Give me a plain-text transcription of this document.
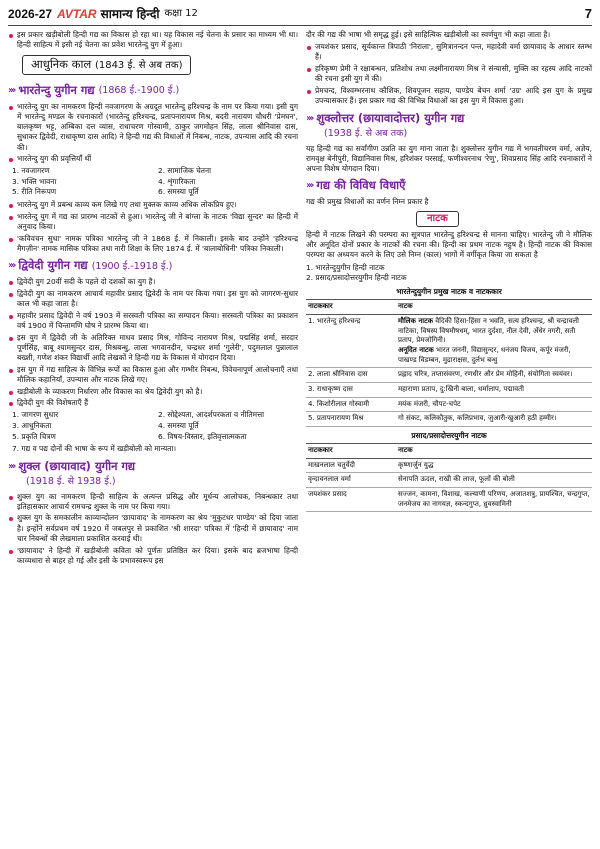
2026-27 AVTAR सामान्य हिन्दी कक्षा 12	7
इस प्रकार खड़ीबोली हिन्दी गद्य का विकास हो रहा था। यह विकास नई चेतना के प्रसार का माध्यम भी था। हिन्दी साहित्य में इसी नई चेतना का प्रवेश भारतेन्दु युग में हुआ।
आधुनिक काल (1843 ई. से अब तक)
››› भारतेन्दु युगीन गद्य (1868 ई.-1900 ई.)
भारतेन्दु युग का नामकरण हिन्दी नवजागरण के अग्रदूत भारतेन्दु हरिश्चन्द्र के नाम पर किया गया। इसी युग में भारतेन्दु मण्डल के रचनाकारों (भारतेन्दु हरिश्चन्द्र, प्रतापनारायण मिश्र, बदरी नारायण चौधरी 'प्रेमघन', बालकृष्ण भट्ट, अम्बिका दत्त व्यास, राधाचरण गोस्वामी, ठाकुर जगमोहन सिंह, लाला श्रीनिवास दास, सुधाकर द्विवेदी, राधाकृष्ण दास आदि) ने हिन्दी गद्य की विधाओं में निबन्ध, नाटक, उपन्यास आदि की रचना की।
भारतेन्दु युग की प्रवृत्तियाँ थीं
1. नवजागरण	2. सामाजिक चेतना
3. भक्ति भावना	4. शृंगारिकता
5. रीति निरूपण	6. समस्या पूर्ति
भारतेन्दु युग में प्रबन्ध काव्य कम लिखे गए तथा मुक्तक काव्य अधिक लोकप्रिय हुए।
भारतेन्दु युग में गद्य का प्रारम्भ नाटकों से हुआ। भारतेन्दु जी ने बांग्ला के नाटक 'विद्या सुन्दर' का हिन्दी में अनुवाद किया।
'कविवचन सुधा' नामक पत्रिका भारतेन्दु जी ने 1868 ई. में निकाली। इसके बाद उन्होंने 'हरिश्चन्द्र मैगज़ीन' नामक मासिक पत्रिका तथा नारी शिक्षा के लिए 1874 ई. में 'बालाबोधिनी' पत्रिका निकाली।
››› द्विवेदी युगीन गद्य (1900 ई.-1918 ई.)
द्विवेदी युग 20वीं सदी के पहले दो दशकों का युग है।
द्विवेदी युग का नामकरण आचार्य महावीर प्रसाद द्विवेदी के नाम पर किया गया। इस युग को जागरण-सुधार काल भी कहा जाता है।
महावीर प्रसाद द्विवेदी ने वर्ष 1903 में सरस्वती पत्रिका का सम्पादन किया। सरस्वती पत्रिका का प्रकाशन वर्ष 1900 में चिन्तामणि घोष ने प्रारम्भ किया था।
इस युग में द्विवेदी जी के अतिरिक्त माधव प्रसाद मिश्र, गोविन्द नारायण मिश्र, पद्मसिंह शर्मा, सरदार पूर्णसिंह, बाबू श्यामसुन्दर दास, मिश्रबन्धु, लाला भगवानदीन, चन्द्रधर शर्मा 'गुलेरी', पदुमलाल पुन्नालाल बख्शी, गणेश शंकर विद्यार्थी आदि लेखकों ने हिन्दी गद्य के विकास में योगदान दिया।
इस युग में गद्य साहित्य के विभिन्न रूपों का विकास हुआ और गम्भीर निबन्ध, विवेचनापूर्ण आलोचनाएँ तथा मौलिक कहानियाँ, उपन्यास और नाटक लिखे गए।
खड़ीबोली के व्याकरण निर्धारण और विकास का श्रेय द्विवेदी युग को है।
द्विवेदी युग की विशेषताएँ हैं
1. जागरण सुधार	2. सोद्देश्यता, आदर्शपरकता व नीतिमत्ता
3. आधुनिकता	4. समस्या पूर्ति
5. प्रकृति चित्रण	6. विषय-विस्तार, इतिवृत्तात्मकता

7. गद्य व पद्य दोनों की भाषा के रूप में खड़ीबोली को मान्यता।

››› शुक्ल (छायावाद) युगीन गद्य
(1918 ई. से 1938 ई.)
शुक्ल युग का नामकरण हिन्दी साहित्य के अत्यन्त प्रसिद्ध और मूर्धन्य आलोचक, निबन्धकार तथा इतिहासकार आचार्य रामचन्द्र शुक्ल के नाम पर किया गया।
शुक्ल युग के समकालीन काव्यान्दोलन 'छायावाद' के नामकरण का श्रेय 'मुकुटधर पाण्डेय' को दिया जाता है। इन्होंने सर्वप्रथम वर्ष 1920 में जबलपुर से प्रकाशित 'श्री शारदा' पत्रिका में 'हिन्दी में छायावाद' नाम चार निबन्धों की लेखमाला प्रकाशित करवाई थी।
'छायावाद' ने हिन्दी में खड़ीबोली कविता को पूर्णतः प्रतिष्ठित कर दिया। इसके बाद ब्रजभाषा हिन्दी काव्यधारा से बाहर हो गई और इसी के प्रभावस्वरूप इस

दौर की गद्य की भाषा भी समृद्ध हुई। इसे साहित्यिक खड़ीबोली का स्वर्णयुग भी कहा जाता है।

जयशंकर प्रसाद, सूर्यकान्त त्रिपाठी 'निराला', सुमित्रानन्दन पन्त, महादेवी वर्मा छायावाद के आधार स्तम्भ हैं।
हरिकृष्ण प्रेमी ने रक्षाबन्धन, प्रतिशोध तथा लक्ष्मीनारायण मिश्र ने संन्यासी, मुक्ति का रहस्य आदि नाटकों की रचना इसी युग में की।
प्रेमचन्द, विश्वम्भरनाथ कौशिक, शिवपूजन सहाय, पाण्डेय बेचन शर्मा 'उग्र' आदि इस युग के प्रमुख उपन्यासकार हैं। इस प्रकार गद्य की विभिन्न विधाओं का इस युग में विकास हुआ।
››› शुक्लोत्तर (छायावादोत्तर) युगीन गद्य
(1938 ई. से अब तक)

यह हिन्दी गद्य का सर्वांगीण उन्नति का युग माना जाता है। शुक्लोत्तर युगीन गद्य में भगवतीचरण वर्मा, अज्ञेय, रामवृक्ष बेनीपुरी, विद्यानिवास मिश्र, हरिशंकर परसाई, फणीश्वरनाथ 'रेणु', शिवप्रसाद सिंह आदि रचनाकारों ने अपना विशेष योगदान दिया।

››› गद्य की विविध विधाएँ

गद्य की प्रमुख विधाओं का वर्णन निम्न प्रकार है

नाटक

हिन्दी में नाटक लिखने की परम्परा का सूत्रपात भारतेन्दु हरिश्चन्द्र से मानना चाहिए। भारतेन्दु जी ने मौलिक और अनूदित दोनों प्रकार के नाटकों की रचना की। हिन्दी का प्रथम नाटक नहुष है। हिन्दी नाटक की विकास परम्परा का अध्ययन करने के लिए उसे निम्न (काल) भागों में वर्गीकृत किया जा सकता है

1. भारतेन्दुयुगीन हिन्दी नाटक
2. प्रसाद/प्रसादोत्तरयुगीन हिन्दी नाटक
भारतेन्दुयुगीन प्रमुख नाटक व नाटककार
नाटककार	नाटक
1. भारतेन्दु हरिश्चन्द्र	मौलिक नाटक वैदिकी हिंसा-हिंसा न भवति, सत्य हरिश्चन्द्र, श्री चन्द्रावली नाटिका, विषस्य विषमौषधम्, भारत दुर्दशा, नील देवी, अँधेर नगरी, सती प्रताप, प्रेमजोगिनी।
अनूदित नाटक भारत जननी, विद्यासुन्दर, धनंजय विजय, कर्पूर मंजरी, पाखण्ड विडम्बन, मुद्राराक्षस, दुर्लभ बन्धु
2. लाला श्रीनिवास दास	प्रह्लाद चरित्र, तप्तासंवरण, रणधीर और प्रेम मोहिनी, संयोगिता स्वयंवर।
3. राधाकृष्ण दास	महाराणा प्रताप, दु:खिनी बाला, धर्मालाप, पद्मावती
4. किशोरीलाल गोस्वामी	मयंक मंजरी, चौपट-चपेट
5. प्रतापनारायण मिश्र	गो संकट, कलिकौतुक, कलिप्रभाव, जुआरी-खुआरी हठी हम्मीर।
प्रसाद/प्रसादोत्तरयुगीन नाटक
नाटककार	नाटक
माखनलाल चतुर्वेदी	कृष्णार्जुन युद्ध
वृन्दावनलाल वर्मा	सेनापति ऊदल, राखी की लाज, फूलों की बोली
जयशंकर प्रसाद	सज्जन, कामना, विशाख, कल्याणी परिणय, अजातशत्रु, प्रायश्चित, चन्द्रगुप्त, जनमेजय का नागयज्ञ, स्कन्दगुप्त, ध्रुवस्वामिनी
